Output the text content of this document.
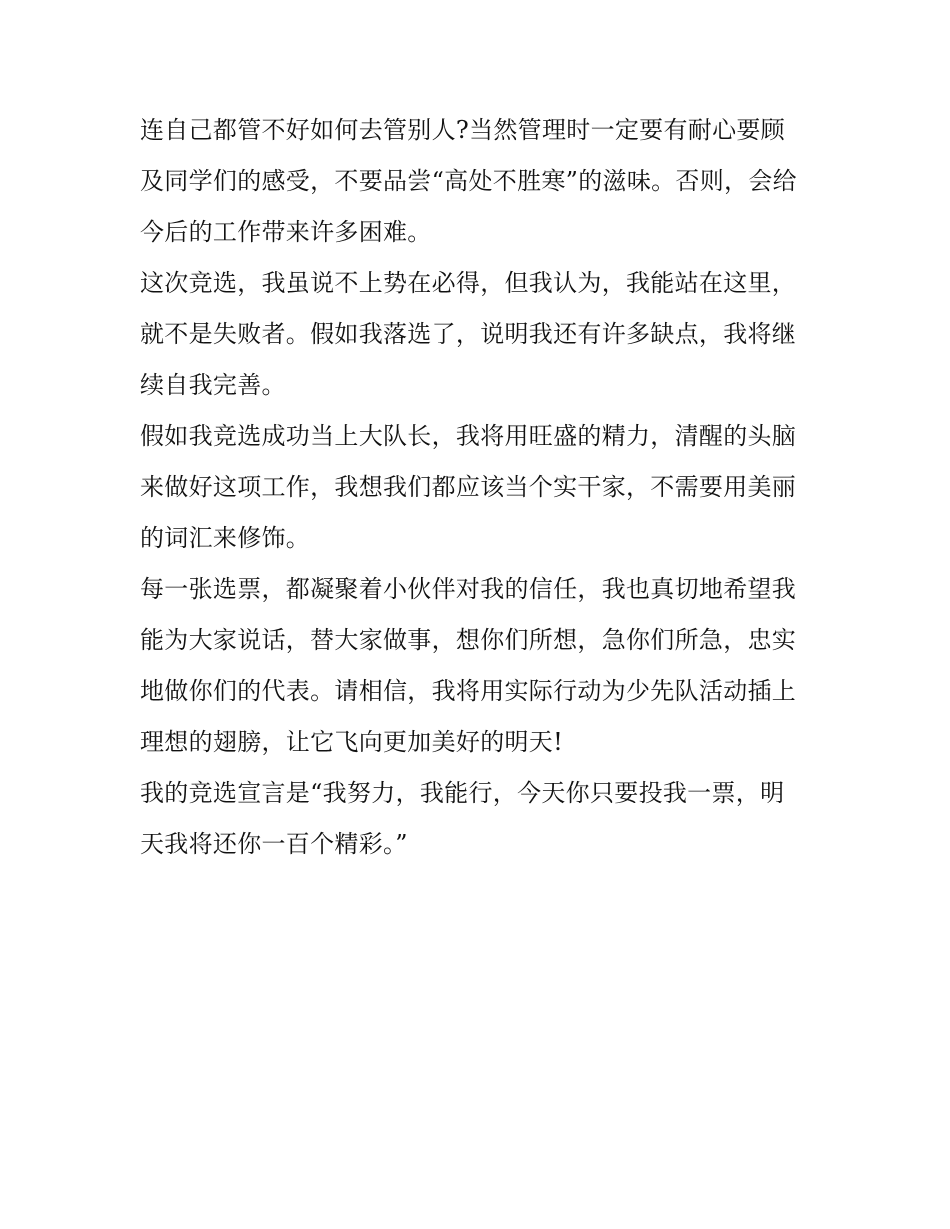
连自己都管不好如何去管别人?当然管理时一定要有耐心要顾
及同学们的感受，不要品尝“高处不胜寒”的滋味。否则，会给
今后的工作带来许多困难。
这次竞选，我虽说不上势在必得，但我认为，我能站在这里，
就不是失败者。假如我落选了，说明我还有许多缺点，我将继
续自我完善。
假如我竞选成功当上大队长，我将用旺盛的精力，清醒的头脑
来做好这项工作，我想我们都应该当个实干家，不需要用美丽
的词汇来修饰。
每一张选票，都凝聚着小伙伴对我的信任，我也真切地希望我
能为大家说话，替大家做事，想你们所想，急你们所急，忠实
地做你们的代表。请相信，我将用实际行动为少先队活动插上
理想的翅膀，让它飞向更加美好的明天!
我的竞选宣言是“我努力，我能行，今天你只要投我一票，明
天我将还你一百个精彩。”
